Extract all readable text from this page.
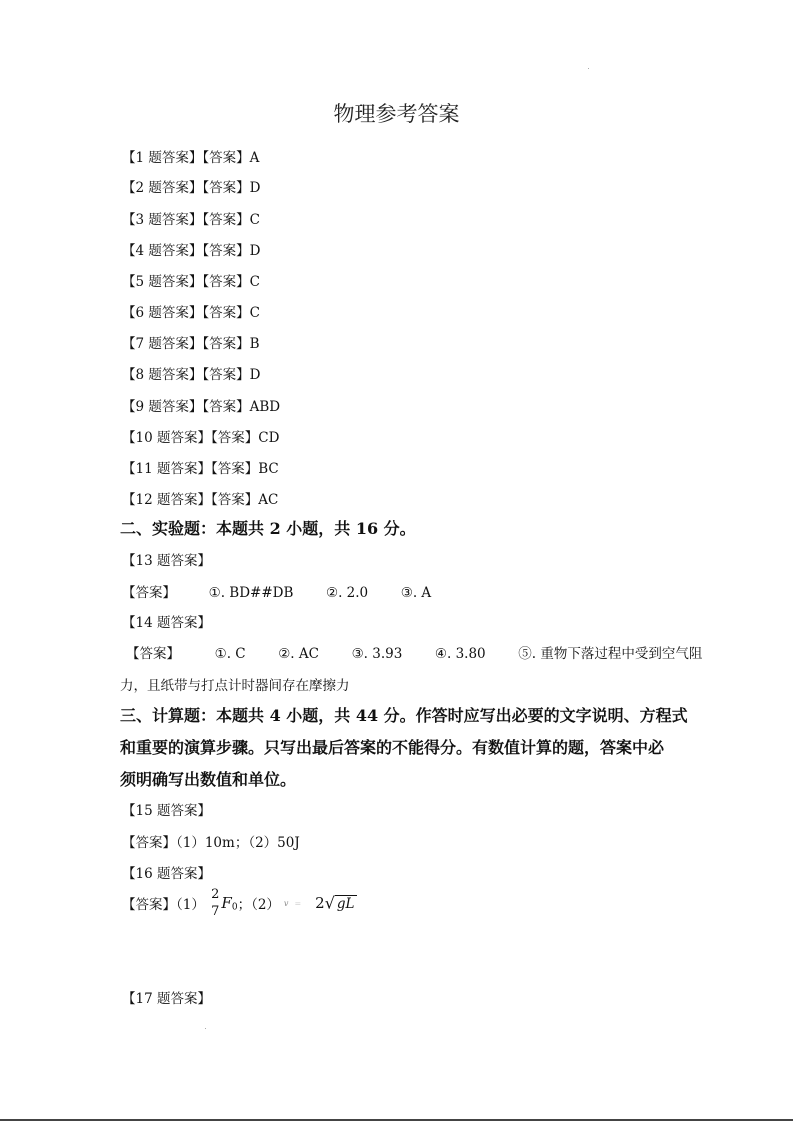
物理参考答案
【1 题答案】【答案】A
【2 题答案】【答案】D
【3 题答案】【答案】C
【4 题答案】【答案】D
【5 题答案】【答案】C
【6 题答案】【答案】C
【7 题答案】【答案】B
【8 题答案】【答案】D
【9 题答案】【答案】ABD
【10 题答案】【答案】CD
【11 题答案】【答案】BC
【12 题答案】【答案】AC
二、实验题：本题共 2 小题，共 16 分。
【13 题答案】
【答案】 ①. BD##DB ②. 2.0 ③. A
【14 题答案】
【答案】	①. C ②. AC ③. 3.93 ④. 3.80 ⑤. 重物下落过程中受到空气阻
力，且纸带与打点计时器间存在摩擦力
三、计算题：本题共 4 小题，共 44 分。作答时应写出必要的文字说明、方程式
和重要的演算步骤。只写出最后答案的不能得分。有数值计算的题，答案中必
须明确写出数值和单位。
【15 题答案】
【答案】（1）10m；（2）50J
【16 题答案】
【答案】（1）
2
7 $F_0$；（2） v = 2√ gL
【17 题答案】
